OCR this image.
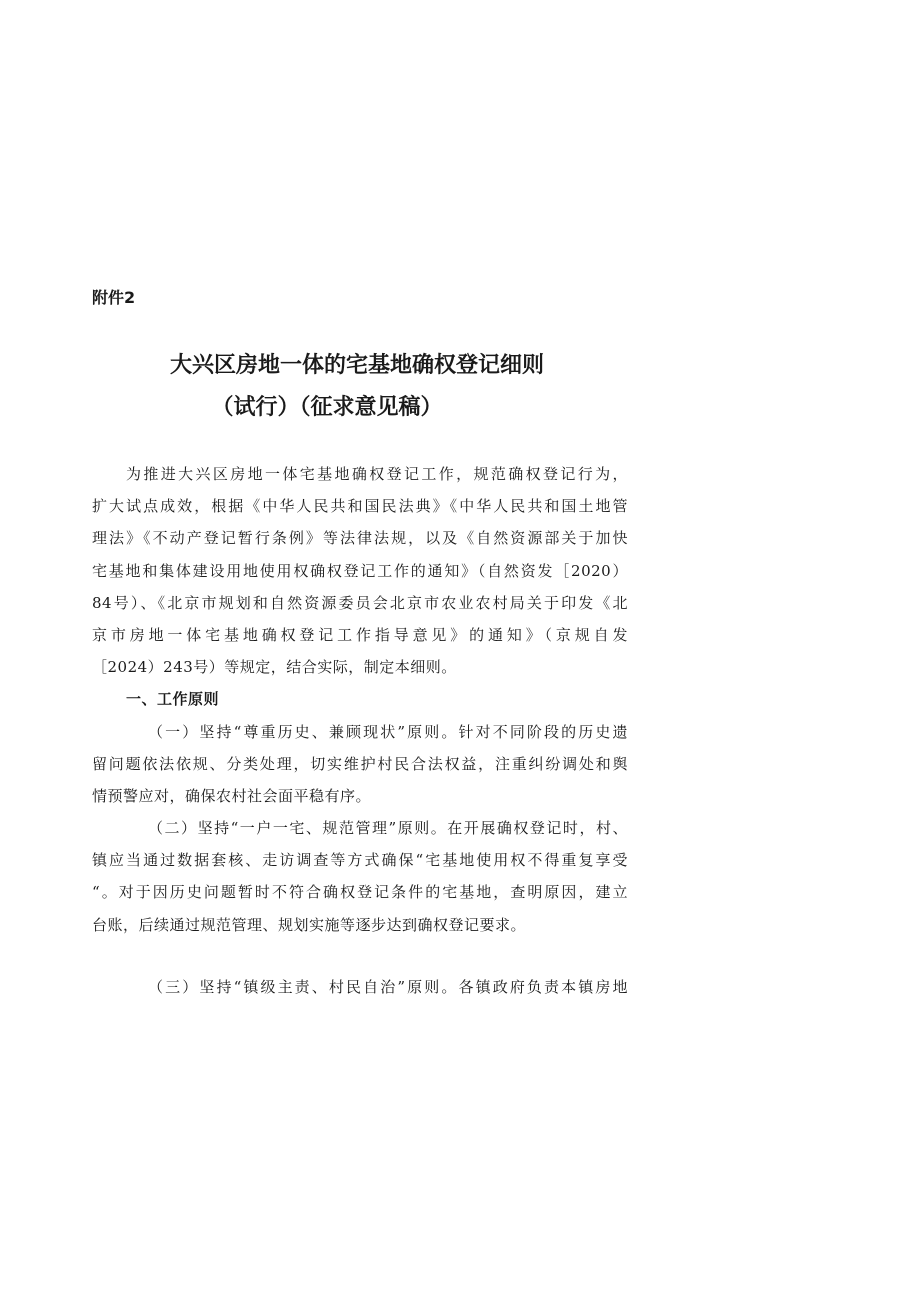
附件2
大兴区房地一体的宅基地确权登记细则
（试行）（征求意见稿）
为推进大兴区房地一体宅基地确权登记工作，规范确权登记行为，
扩大试点成效，根据《中华人民共和国民法典》《中华人民共和国土地管
理法》《不动产登记暂行条例》等法律法规，以及《自然资源部关于加快
宅基地和集体建设用地使用权确权登记工作的通知》（自然资发［2020）
84号）、《北京市规划和自然资源委员会北京市农业农村局关于印发《北
京市房地一体宅基地确权登记工作指导意见》的通知》（京规自发
［2024）243号）等规定，结合实际，制定本细则。
一、工作原则
（一）坚持“尊重历史、兼顾现状”原则。针对不同阶段的历史遗
留问题依法依规、分类处理，切实维护村民合法权益，注重纠纷调处和舆
情预警应对，确保农村社会面平稳有序。
（二）坚持“一户一宅、规范管理”原则。在开展确权登记时，村、
镇应当通过数据套核、走访调查等方式确保“宅基地使用权不得重复享受
“。对于因历史问题暂时不符合确权登记条件的宅基地，查明原因，建立
台账，后续通过规范管理、规划实施等逐步达到确权登记要求。
（三）坚持“镇级主责、村民自治”原则。各镇政府负责本镇房地
